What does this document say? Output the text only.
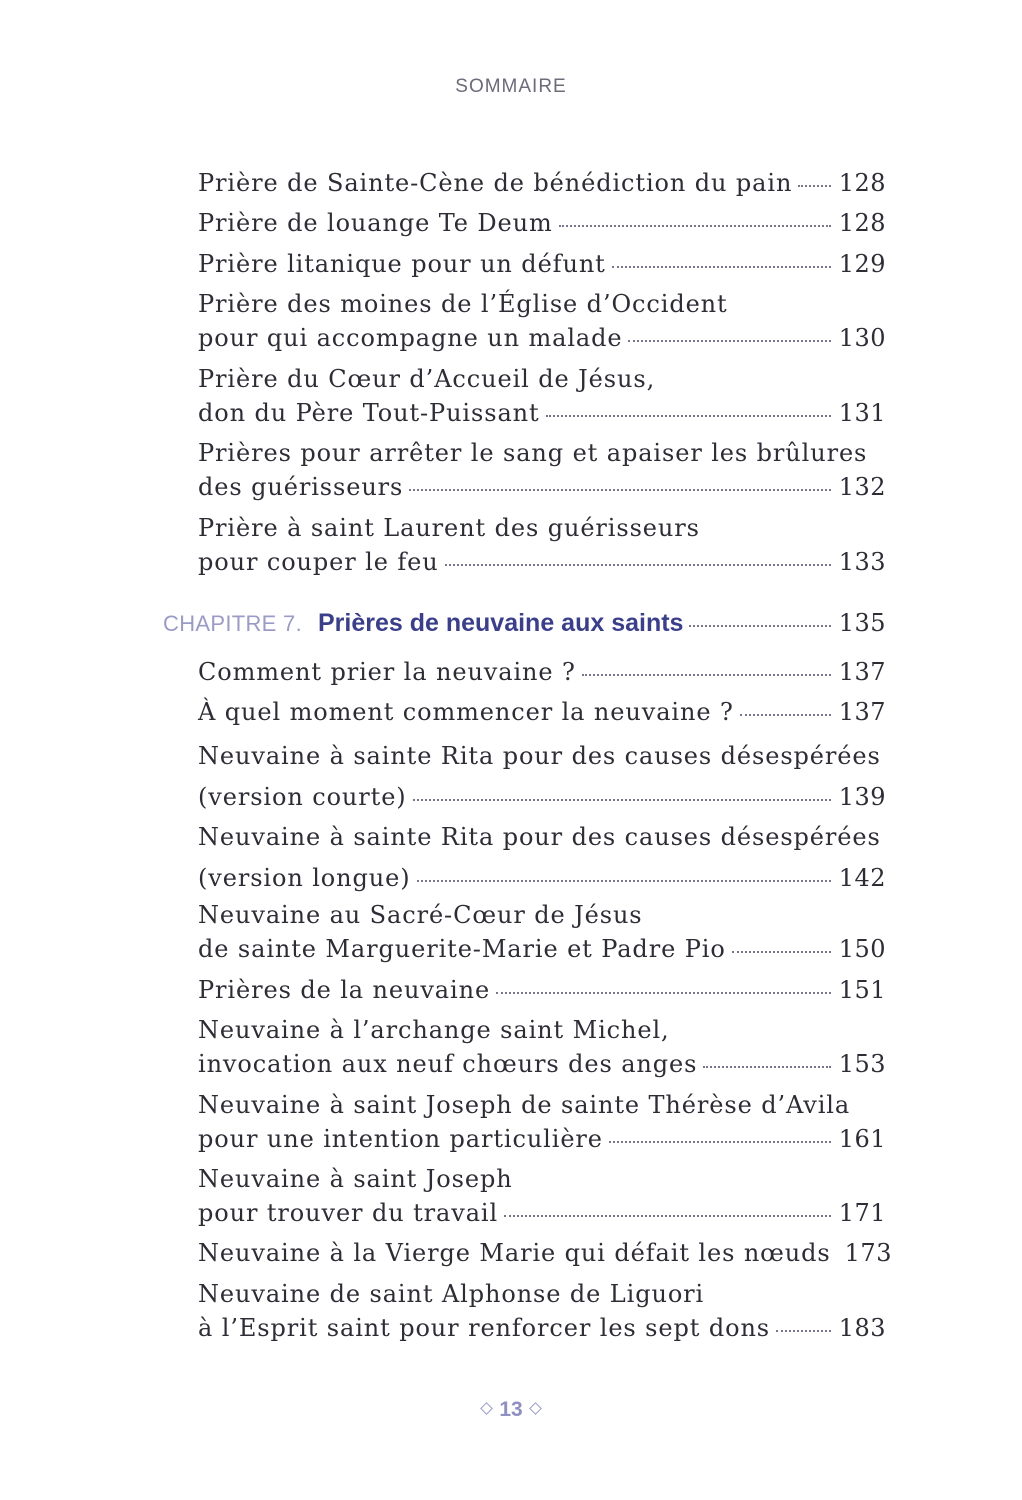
SOMMAIRE
Prière de Sainte-Cène de bénédiction du pain 128
Prière de louange Te Deum	128
Prière litanique pour un défunt	129
Prière des moines de l’Église d’Occident
pour qui accompagne un malade	130
Prière du Cœur d’Accueil de Jésus,
don du Père Tout-Puissant	131
Prières pour arrêter le sang et apaiser les brûlures
des guérisseurs	132
Prière à saint Laurent des guérisseurs
pour couper le feu	133
CHAPITRE 7. Prières de neuvaine aux saints	135
Comment prier la neuvaine ?	137
À quel moment commencer la neuvaine ?	137
Neuvaine à sainte Rita pour des causes désespérées
(version courte)	139
Neuvaine à sainte Rita pour des causes désespérées
(version longue)	142
Neuvaine au Sacré-Cœur de Jésus
de sainte Marguerite-Marie et Padre Pio	150
Prières de la neuvaine	151
Neuvaine à l’archange saint Michel,
invocation aux neuf chœurs des anges	153
Neuvaine à saint Joseph de sainte Thérèse d’Avila
pour une intention particulière	161
Neuvaine à saint Joseph
pour trouver du travail	171
Neuvaine à la Vierge Marie qui défait les nœuds 173
Neuvaine de saint Alphonse de Liguori
à l’Esprit saint pour renforcer les sept dons	183
13
